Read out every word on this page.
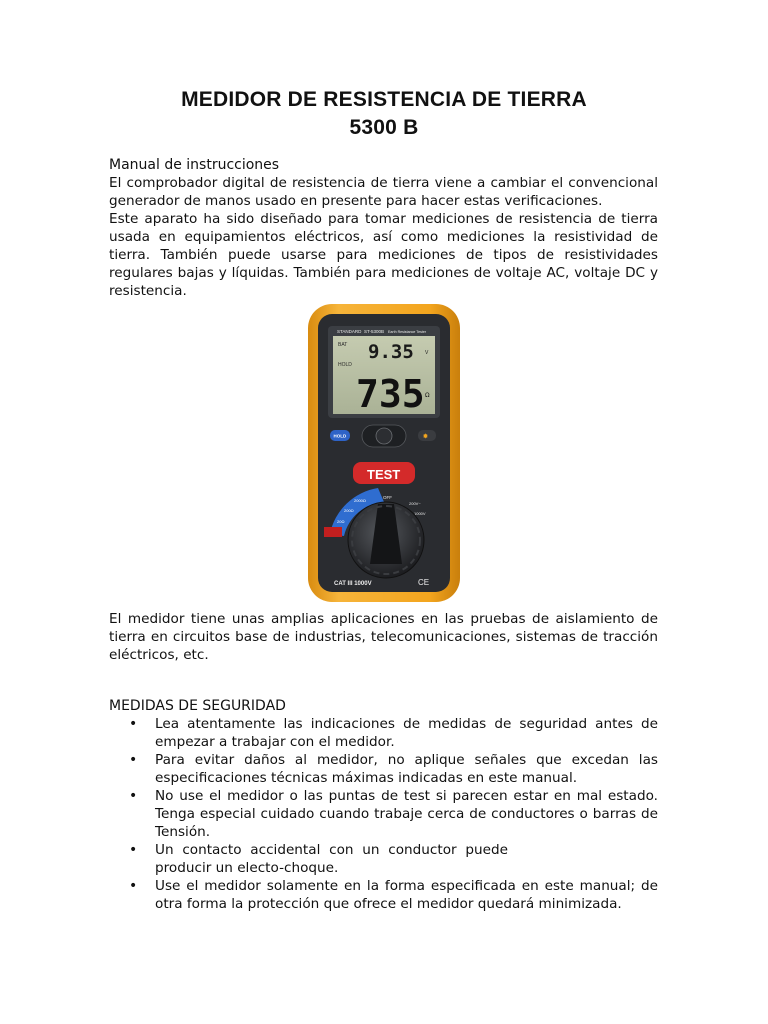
MEDIDOR DE RESISTENCIA DE TIERRA
5300 B
Manual de instrucciones
El comprobador digital de resistencia de tierra viene a cambiar el convencional generador de manos usado en presente para hacer estas verificaciones.
Este aparato ha sido diseñado para tomar mediciones de resistencia de tierra usada en equipamientos eléctricos, así como mediciones la resistividad de tierra. También puede usarse para mediciones de tipos de resistividades regulares bajas y líquidas. También para mediciones de voltaje AC, voltaje DC y resistencia.
STANDARD ST-5300B Earth Resistance Tester
BAT 9.35 V
HOLD
735 Ω
HOLD	✸
TEST
2000Ω
200Ω
20Ω
OFF
200V~
1000V
CAT III 1000V	CE
El medidor tiene unas amplias aplicaciones en las pruebas de aislamiento de tierra en circuitos base de industrias, telecomunicaciones, sistemas de tracción eléctricos, etc.
MEDIDAS DE SEGURIDAD
• Lea atentamente las indicaciones de medidas de seguridad antes de empezar a trabajar con el medidor.
• Para evitar daños al medidor, no aplique señales que excedan las especificaciones técnicas máximas indicadas en este manual.
• No use el medidor o las puntas de test si parecen estar en mal estado. Tenga especial cuidado cuando trabaje cerca de conductores o barras de Tensión.
• Un contacto accidental con un conductor puede producir un electo-choque.
• Use el medidor solamente en la forma especificada en este manual; de otra forma la protección que ofrece el medidor quedará minimizada.
